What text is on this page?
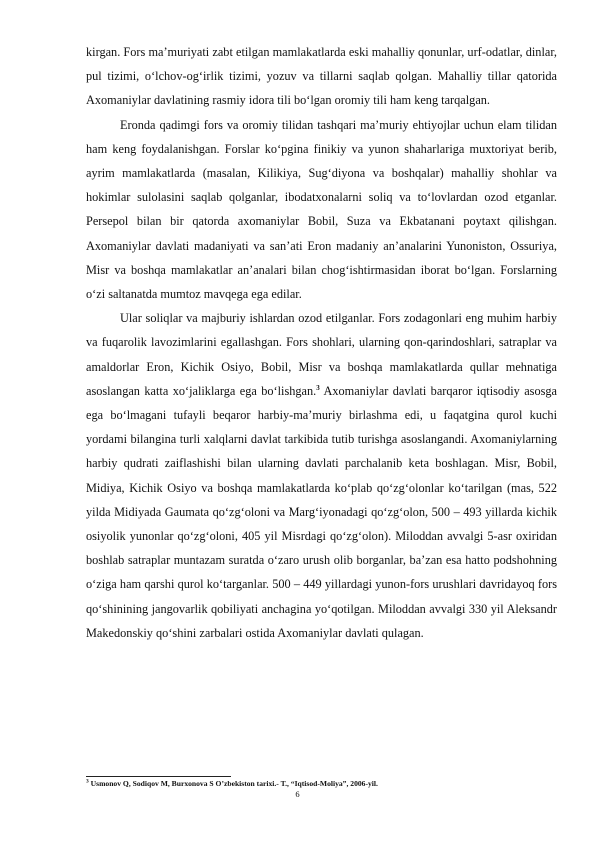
kirgan. Fors ma’muriyati zabt etilgan mamlakatlarda eski mahalliy qonunlar, urf-odatlar, dinlar, pul tizimi, o‘lchov-og‘irlik tizimi, yozuv va tillarni saqlab qolgan. Mahalliy tillar qatorida Axomaniylar davlatining rasmiy idora tili bo‘lgan oromiy tili ham keng tarqalgan.

Eronda qadimgi fors va oromiy tilidan tashqari ma’muriy ehtiyojlar uchun elam tilidan ham keng foydalanishgan. Forslar ko‘pgina finikiy va yunon shaharlariga muxtoriyat berib, ayrim mamlakatlarda (masalan, Kilikiya, Sug‘diyona va boshqalar) mahalliy shohlar va hokimlar sulolasini saqlab qolganlar, ibodatxonalarni soliq va to‘lovlardan ozod etganlar. Persepol bilan bir qatorda axomaniylar Bobil, Suza va Ekbatanani poytaxt qilishgan. Axomaniylar davlati madaniyati va san’ati Eron madaniy an’analarini Yunoniston, Ossuriya, Misr va boshqa mamlakatlar an’analari bilan chog‘ishtirmasidan iborat bo‘lgan. Forslarning o‘zi saltanatda mumtoz mavqega ega edilar.

Ular soliqlar va majburiy ishlardan ozod etilganlar. Fors zodagonlari eng muhim harbiy va fuqarolik lavozimlarini egallashgan. Fors shohlari, ularning qon-qarindoshlari, satraplar va amaldorlar Eron, Kichik Osiyo, Bobil, Misr va boshqa mamlakatlarda qullar mehnatiga asoslangan katta xo‘jaliklarga ega bo‘lishgan.$^3$ Axomaniylar davlati barqaror iqtisodiy asosga ega bo‘lmagani tufayli beqaror harbiy-ma’muriy birlashma edi, u faqatgina qurol kuchi yordami bilangina turli xalqlarni davlat tarkibida tutib turishga asoslangandi. Axomaniylarning harbiy qudrati zaiflashishi bilan ularning davlati parchalanib keta boshlagan. Misr, Bobil, Midiya, Kichik Osiyo va boshqa mamlakatlarda ko‘plab qo‘zg‘olonlar ko‘tarilgan (mas, 522 yilda Midiyada Gaumata qo‘zg‘oloni va Marg‘iyonadagi qo‘zg‘olon, 500 – 493 yillarda kichik osiyolik yunonlar qo‘zg‘oloni, 405 yil Misrdagi qo‘zg‘olon). Miloddan avvalgi 5-asr oxiridan boshlab satraplar muntazam suratda o‘zaro urush olib borganlar, ba’zan esa hatto podshohning o‘ziga ham qarshi qurol ko‘targanlar. 500 – 449 yillardagi yunon-fors urushlari davridayoq fors qo‘shinining jangovarlik qobiliyati anchagina yo‘qotilgan. Miloddan avvalgi 330 yil Aleksandr Makedonskiy qo‘shini zarbalari ostida Axomaniylar davlati qulagan.

$^3$ Usmonov Q, Sodiqov M, Burxonova S O’zbekiston tarixi.- T., “Iqtisod-Moliya”, 2006-yil.
6
